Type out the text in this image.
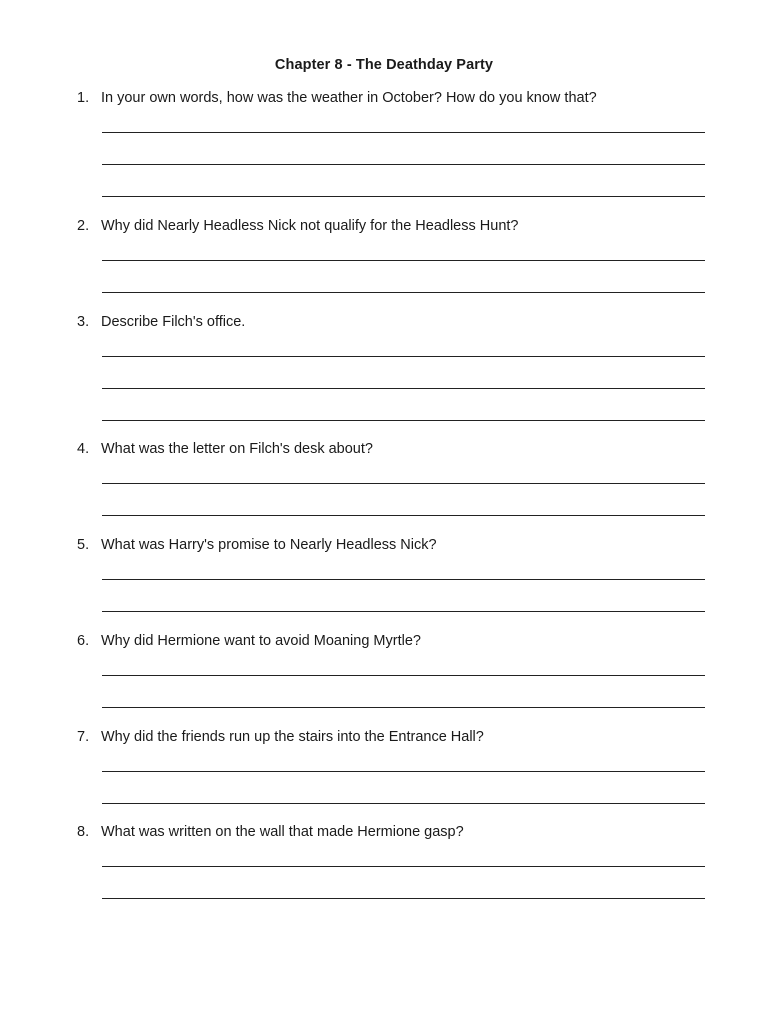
Chapter 8 - The Deathday Party
1. In your own words, how was the weather in October? How do you know that?
2. Why did Nearly Headless Nick not qualify for the Headless Hunt?
3. Describe Filch's office.
4. What was the letter on Filch's desk about?
5. What was Harry's promise to Nearly Headless Nick?
6. Why did Hermione want to avoid Moaning Myrtle?
7. Why did the friends run up the stairs into the Entrance Hall?
8. What was written on the wall that made Hermione gasp?
